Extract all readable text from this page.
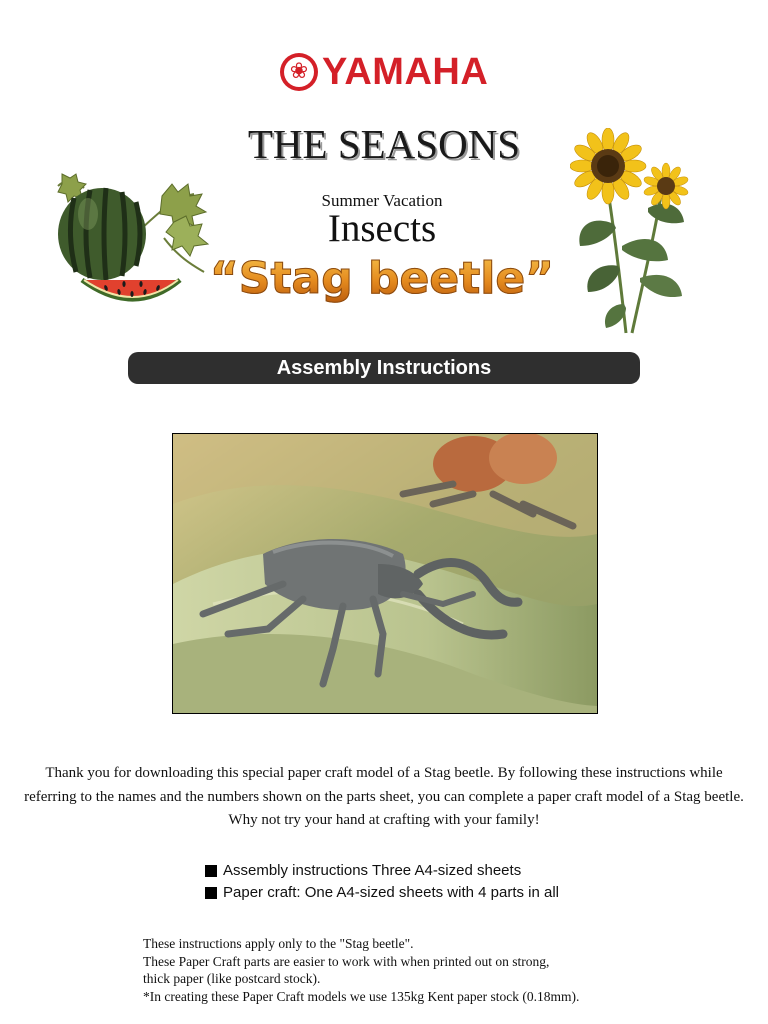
❀ YAMAHA
THE SEASONS
Summer Vacation
Insects
“Stag beetle”
Assembly Instructions

Thank you for downloading this special paper craft model of a Stag beetle. By following these instructions while referring to the names and the numbers shown on the parts sheet, you can complete a paper craft model of a Stag beetle. Why not try your hand at crafting with your family!

Assembly instructions Three A4-sized sheets
Paper craft: One A4-sized sheets with 4 parts in all
These instructions apply only to the "Stag beetle".
These Paper Craft parts are easier to work with when printed out on strong,
thick paper (like postcard stock).
*In creating these Paper Craft models we use 135kg Kent paper stock (0.18mm).
